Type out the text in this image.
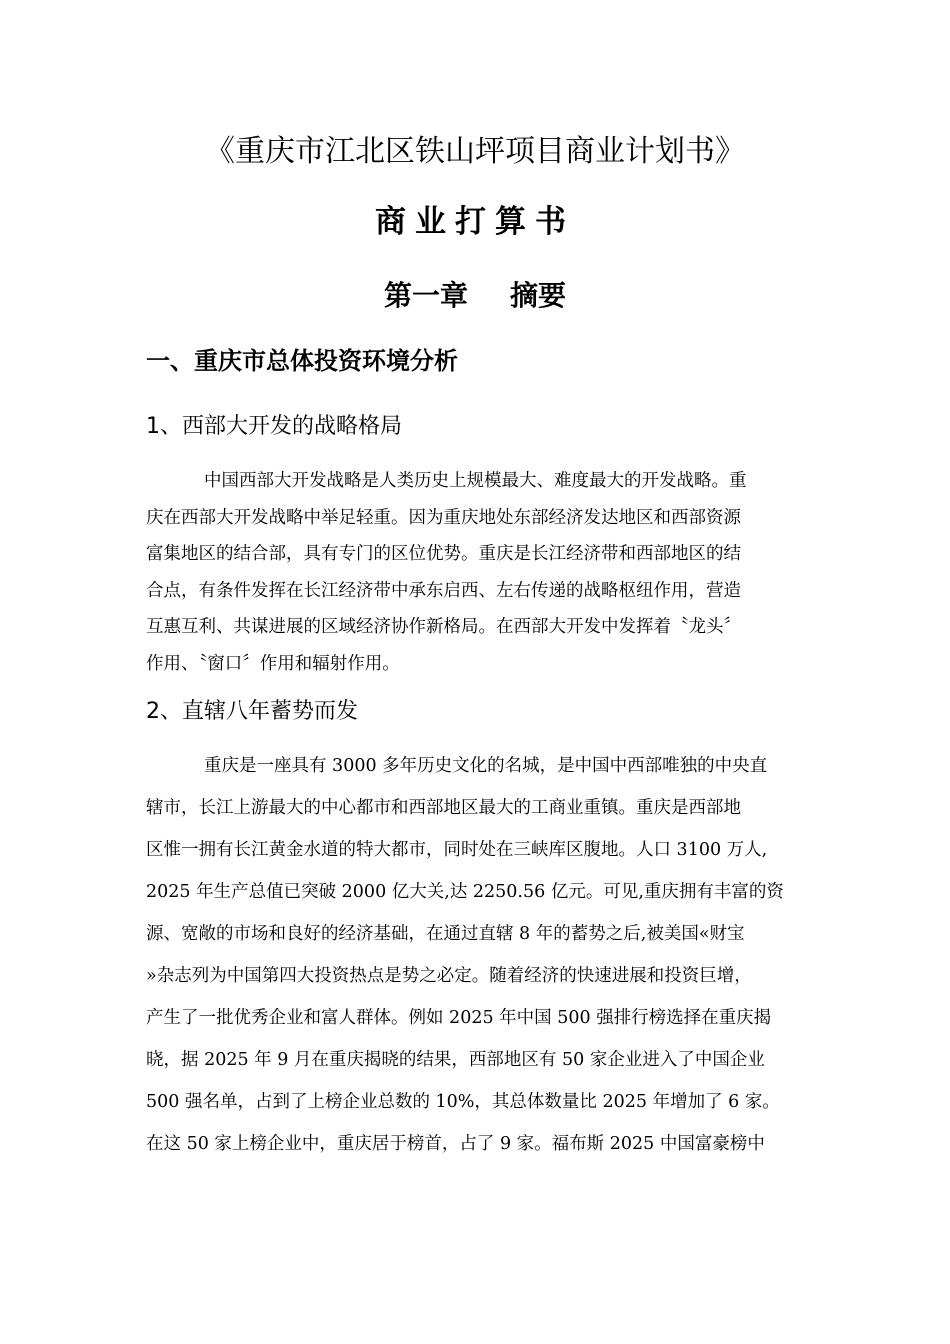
《重庆市江北区铁山坪项目商业计划书》
商业打算书
第一章 摘要
一、重庆市总体投资环境分析
1、西部大开发的战略格局
中国西部大开发战略是人类历史上规模最大、难度最大的开发战略。重
庆在西部大开发战略中举足轻重。因为重庆地处东部经济发达地区和西部资源
富集地区的结合部，具有专门的区位优势。重庆是长江经济带和西部地区的结
合点，有条件发挥在长江经济带中承东启西、左右传递的战略枢纽作用，营造
互惠互利、共谋进展的区域经济协作新格局。在西部大开发中发挥着〝龙头〞
作用、〝窗口〞作用和辐射作用。
2、直辖八年蓄势而发
重庆是一座具有 3000 多年历史文化的名城，是中国中西部唯独的中央直
辖市，长江上游最大的中心都市和西部地区最大的工商业重镇。重庆是西部地
区惟一拥有长江黄金水道的特大都市，同时处在三峡库区腹地。人口 3100 万人,
2025 年生产总值已突破 2000 亿大关,达 2250.56 亿元。可见,重庆拥有丰富的资
源、宽敞的市场和良好的经济基础，在通过直辖 8 年的蓄势之后,被美国«财宝
»杂志列为中国第四大投资热点是势之必定。随着经济的快速进展和投资巨增，
产生了一批优秀企业和富人群体。例如 2025 年中国 500 强排行榜选择在重庆揭
晓，据 2025 年 9 月在重庆揭晓的结果，西部地区有 50 家企业进入了中国企业
500 强名单，占到了上榜企业总数的 10%，其总体数量比 2025 年增加了 6 家。
在这 50 家上榜企业中，重庆居于榜首，占了 9 家。福布斯 2025 中国富豪榜中
